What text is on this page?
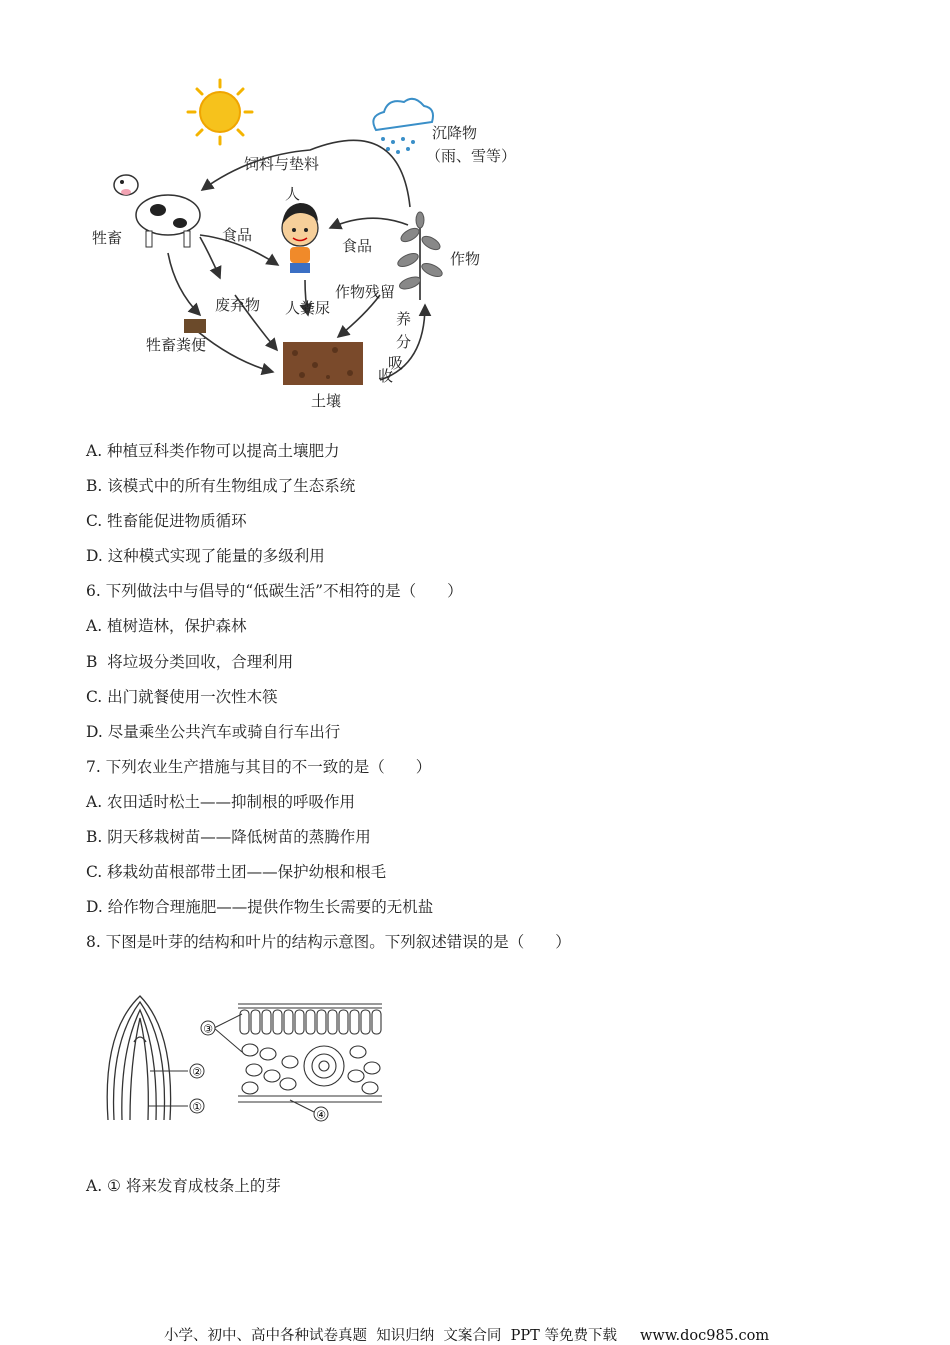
沉降物
（雨、雪等）
饲料与垫料
牲畜
人
食品
食品
作物
废弃物 人粪尿
作物残留
牲畜粪便
土壤
养
分
吸
收
A. 种植豆科类作物可以提高土壤肥力
B. 该模式中的所有生物组成了生态系统
C. 牲畜能促进物质循环
D. 这种模式实现了能量的多级利用
6. 下列做法中与倡导的“低碳生活”不相符的是（　　）
A. 植树造林，保护森林
B  将垃圾分类回收，合理利用
C. 出门就餐使用一次性木筷
D. 尽量乘坐公共汽车或骑自行车出行
7. 下列农业生产措施与其目的不一致的是（　　）
A. 农田适时松土——抑制根的呼吸作用
B. 阴天移栽树苗——降低树苗的蒸腾作用
C. 移栽幼苗根部带土团——保护幼根和根毛
D. 给作物合理施肥——提供作物生长需要的无机盐
8. 下图是叶芽的结构和叶片的结构示意图。下列叙述错误的是（　　）
②
①
③
④
A. ① 将来发育成枝条上的芽
小学、初中、高中各种试卷真题  知识归纳  文案合同  PPT 等免费下载     www.doc985.com
